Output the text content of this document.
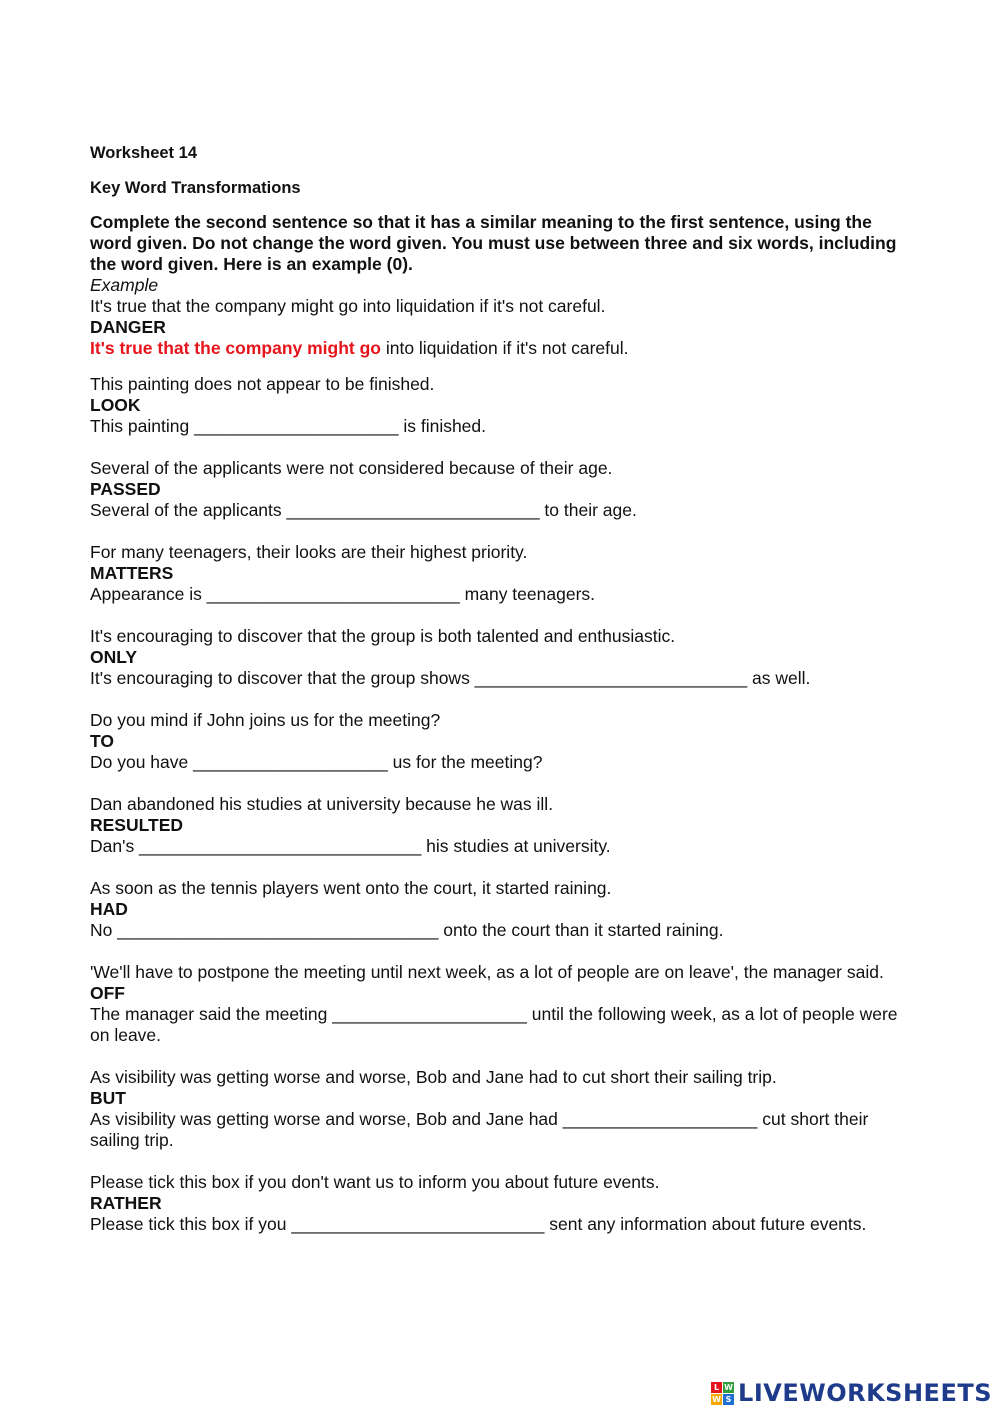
Worksheet 14

Key Word Transformations

Complete the second sentence so that it has a similar meaning to the first sentence, using the word given. Do not change the word given. You must use between three and six words, including the word given. Here is an example (0).

Example

It's true that the company might go into liquidation if it's not careful.

DANGER

It's true that the company might go into liquidation if it's not careful.

This painting does not appear to be finished.

LOOK

This painting _____________________ is finished.

Several of the applicants were not considered because of their age.

PASSED

Several of the applicants __________________________ to their age.

For many teenagers, their looks are their highest priority.

MATTERS

Appearance is __________________________ many teenagers.

It's encouraging to discover that the group is both talented and enthusiastic.

ONLY

It's encouraging to discover that the group shows ____________________________ as well.

Do you mind if John joins us for the meeting?

TO

Do you have ____________________ us for the meeting?

Dan abandoned his studies at university because he was ill.

RESULTED

Dan's _____________________________ his studies at university.

As soon as the tennis players went onto the court, it started raining.

HAD

No _________________________________ onto the court than it started raining.

'We'll have to postpone the meeting until next week, as a lot of people are on leave', the manager said.

OFF

The manager said the meeting ____________________ until the following week, as a lot of people were on leave.

As visibility was getting worse and worse, Bob and Jane had to cut short their sailing trip.

BUT

As visibility was getting worse and worse, Bob and Jane had ____________________ cut short their sailing trip.

Please tick this box if you don't want us to inform you about future events.

RATHER

Please tick this box if you __________________________ sent any information about future events.

L W
W S LIVEWORKSHEETS
